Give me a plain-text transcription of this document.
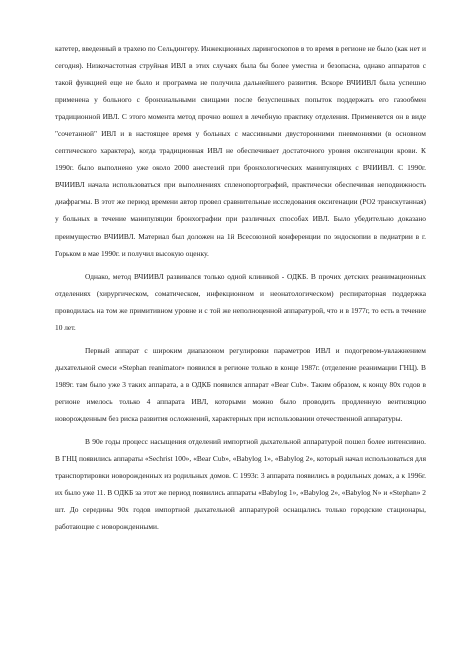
катетер, введенный в трахею по Сельдингеру. Инжекционных ларингоскопов в то время в регионе не было (как нет и сегодня). Низкочастотная струйная ИВЛ в этих случаях была бы более уместна и безопасна, однако аппаратов с такой функцией еще не было и программа не получила дальнейшего развития. Вскоре ВЧИИВЛ была успешно применена у больного с бронхиальными свищами после безуспешных попыток поддержать его газообмен традиционной ИВЛ. С этого момента метод прочно вошел в лечебную практику отделения. Применяется он в виде "сочетанной" ИВЛ и в настоящее время у больных с массивными двусторонними пневмониями (в основном септического характера), когда традиционная ИВЛ не обеспечивает достаточного уровня оксигенации крови. К 1990г. было выполнено уже около 2000 анестезий при бронхологических манипуляциях с ВЧИИВЛ. С 1990г. ВЧИИВЛ начала использоваться при выполнениях спленопортографий, практически обеспечивая неподвижность диафрагмы. В этот же период времени автор провел сравнительные исследования оксигенации (PO2 транскутанная) у больных в течение манипуляции бронхографии при различных способах ИВЛ. Было убедительно доказано преимущество ВЧИИВЛ. Материал был доложен на 1й Всесоюзной конференции по эндоскопии в педиатрии в г. Горьком в мае 1990г. и получил высокую оценку.

Однако, метод ВЧИИВЛ развивался только одной клиникой - ОДКБ. В прочих детских реанимационных отделениях (хирургическом, соматическом, инфекционном и неонатологическом) респираторная поддержка проводилась на том же примитивном уровне и с той же неполноценной аппаратурой, что и в 1977г, то есть в течение 10 лет.

Первый аппарат с широким диапазоном регулировки параметров ИВЛ и подогревом-увлажнением дыхательной смеси «Stephan reanimator» появился в регионе только в конце 1987г. (отделение реанимации ГНЦ). В 1989г. там было уже 3 таких аппарата, а в ОДКБ появился аппарат «Bear Cub». Таким образом, к концу 80х годов в регионе имелось только 4 аппарата ИВЛ, которыми можно было проводить продленную вентиляцию новорожденным без риска развития осложнений, характерных при использовании отечественной аппаратуры.

В 90е годы процесс насыщения отделений импортной дыхательной аппаратурой пошел более интенсивно. В ГНЦ появились аппараты «Sechrist 100», «Bear Cub», «Babylog 1», «Babylog 2», который начал использоваться для транспортировки новорожденных из родильных домов. С 1993г. 3 аппарата появились в родильных домах, а к 1996г. их было уже 11. В ОДКБ за этот же период появились аппараты «Babylog 1», «Babylog 2», «Babylog N» и «Stephan» 2 шт. До середины 90х годов импортной дыхательной аппаратурой оснащались только городские стационары, работающие с новорожденными.
